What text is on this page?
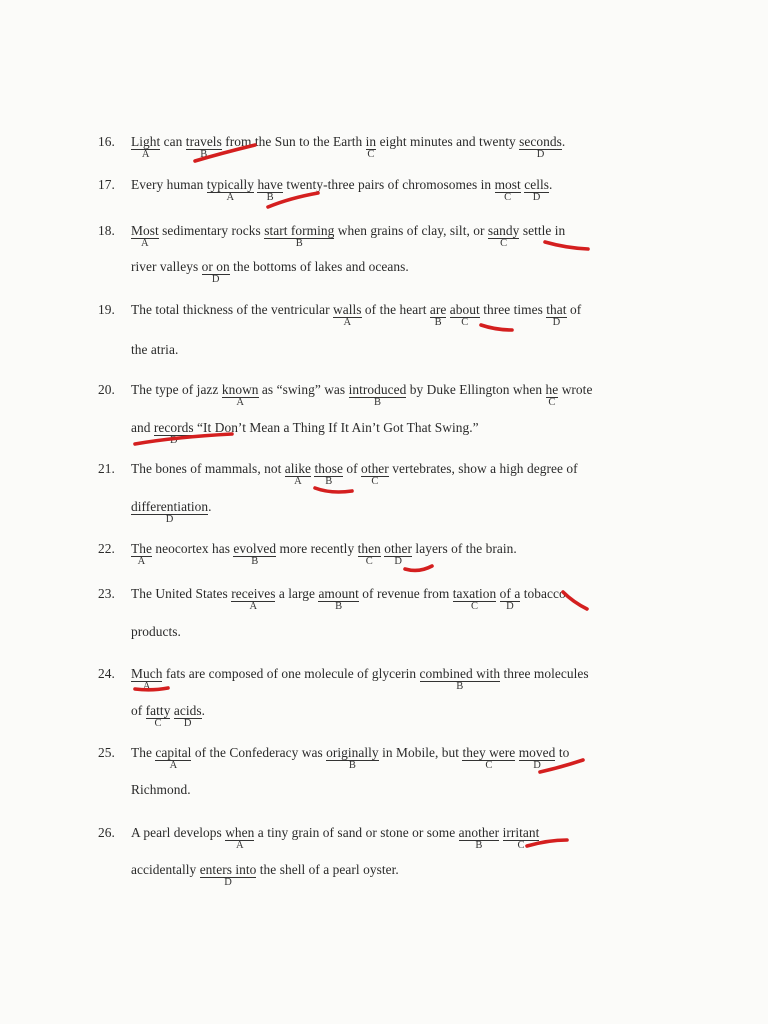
16. Light
A
can travels
B
from the Sun to the Earth in
C
eight minutes and twenty seconds
D
.
17. Every human typically
A
have
B
twenty-three pairs of chromosomes in most
C
cells
D
.
18. Most
A
sedimentary rocks start forming
B
when grains of clay, silt, or sandy
C
settle in
river valleys or on
D
the bottoms of lakes and oceans.
19. The total thickness of the ventricular walls
A
of the heart are
B
about
C
three times that
D
of
the atria.
20. The type of jazz known
A
as “swing” was introduced
B
by Duke Ellington when he
C
wrote
and records
D
“It Don’t Mean a Thing If It Ain’t Got That Swing.”
21. The bones of mammals, not alike
A
those
B
of other
C
vertebrates, show a high degree of
differentiation
D
.
22. The
A
neocortex has evolved
B
more recently then
C
other
D
layers of the brain.
23. The United States receives
A
a large amount
B
of revenue from taxation
C
of a
D
tobacco
products.
24. Much
A
fats are composed of one molecule of glycerin combined with
B
three molecules
of fatty
C
acids
D
.
25. The capital
A
of the Confederacy was originally
B
in Mobile, but they were
C
moved
D
to
Richmond.
26. A pearl develops when
A
a tiny grain of sand or stone or some another
B
irritant
C
accidentally enters into
D
the shell of a pearl oyster.
